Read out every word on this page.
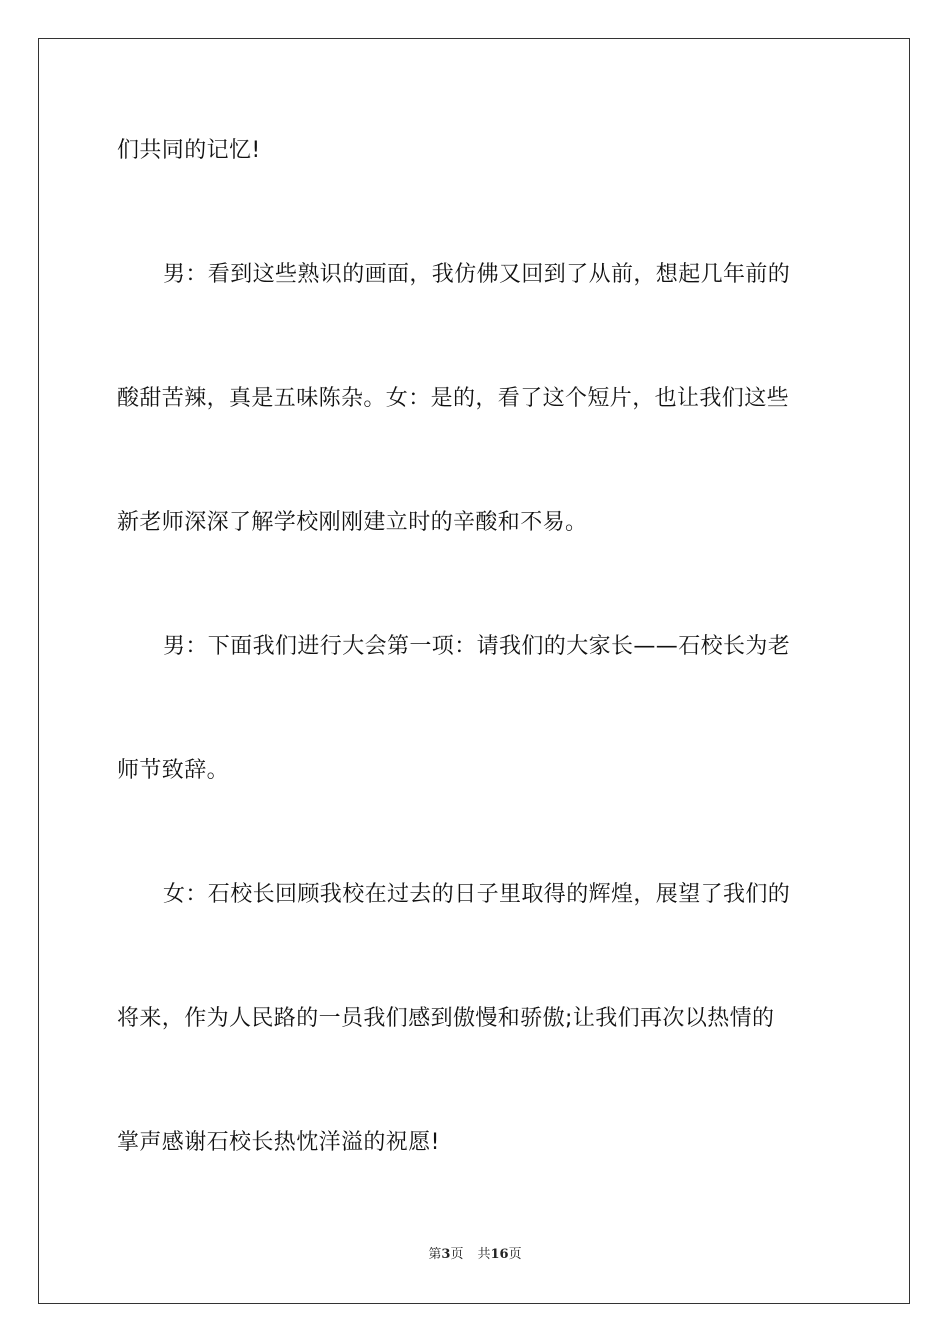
们共同的记忆!
男：看到这些熟识的画面，我仿佛又回到了从前，想起几年前的
酸甜苦辣，真是五味陈杂。女：是的，看了这个短片，也让我们这些
新老师深深了解学校刚刚建立时的辛酸和不易。
男：下面我们进行大会第一项：请我们的大家长——石校长为老
师节致辞。
女：石校长回顾我校在过去的日子里取得的辉煌，展望了我们的
将来，作为人民路的一员我们感到傲慢和骄傲;让我们再次以热情的
掌声感谢石校长热忱洋溢的祝愿!
第3页 共16页
